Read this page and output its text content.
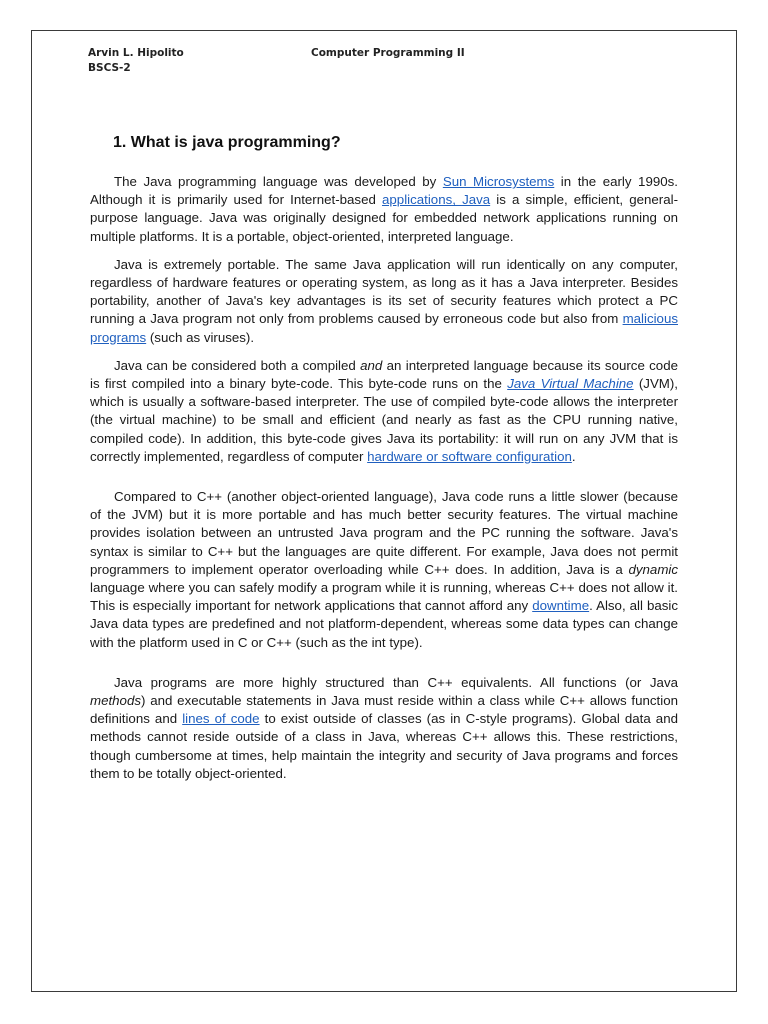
Arvin L. Hipolito
BSCS-2
Computer Programming II
1. What is java programming?

The Java programming language was developed by Sun Microsystems in the early 1990s. Although it is primarily used for Internet-based applications, Java is a simple, efficient, general-purpose language. Java was originally designed for embedded network applications running on multiple platforms. It is a portable, object-oriented, interpreted language.

Java is extremely portable. The same Java application will run identically on any computer, regardless of hardware features or operating system, as long as it has a Java interpreter. Besides portability, another of Java's key advantages is its set of security features which protect a PC running a Java program not only from problems caused by erroneous code but also from malicious programs (such as viruses).

Java can be considered both a compiled and an interpreted language because its source code is first compiled into a binary byte-code. This byte-code runs on the Java Virtual Machine (JVM), which is usually a software-based interpreter. The use of compiled byte-code allows the interpreter (the virtual machine) to be small and efficient (and nearly as fast as the CPU running native, compiled code). In addition, this byte-code gives Java its portability: it will run on any JVM that is correctly implemented, regardless of computer hardware or software configuration.

Compared to C++ (another object-oriented language), Java code runs a little slower (because of the JVM) but it is more portable and has much better security features. The virtual machine provides isolation between an untrusted Java program and the PC running the software. Java's syntax is similar to C++ but the languages are quite different. For example, Java does not permit programmers to implement operator overloading while C++ does. In addition, Java is a dynamic language where you can safely modify a program while it is running, whereas C++ does not allow it. This is especially important for network applications that cannot afford any downtime. Also, all basic Java data types are predefined and not platform-dependent, whereas some data types can change with the platform used in C or C++ (such as the int type).

Java programs are more highly structured than C++ equivalents. All functions (or Java methods) and executable statements in Java must reside within a class while C++ allows function definitions and lines of code to exist outside of classes (as in C-style programs). Global data and methods cannot reside outside of a class in Java, whereas C++ allows this. These restrictions, though cumbersome at times, help maintain the integrity and security of Java programs and forces them to be totally object-oriented.
